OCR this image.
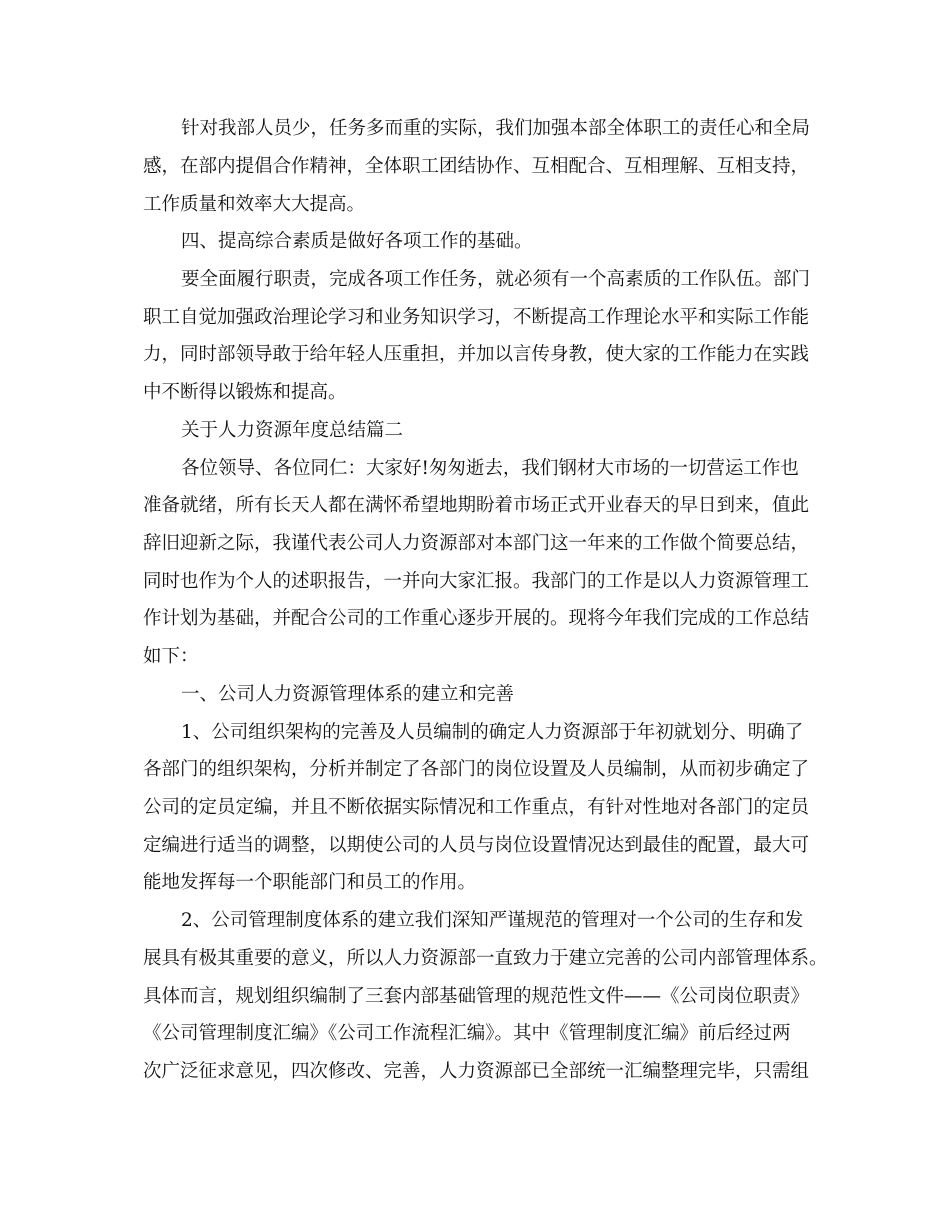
针对我部人员少，任务多而重的实际，我们加强本部全体职工的责任心和全局

感，在部内提倡合作精神，全体职工团结协作、互相配合、互相理解、互相支持，

工作质量和效率大大提高。

四、提高综合素质是做好各项工作的基础。

要全面履行职责，完成各项工作任务，就必须有一个高素质的工作队伍。部门

职工自觉加强政治理论学习和业务知识学习，不断提高工作理论水平和实际工作能

力，同时部领导敢于给年轻人压重担，并加以言传身教，使大家的工作能力在实践

中不断得以锻炼和提高。

关于人力资源年度总结篇二

各位领导、各位同仁：大家好!匆匆逝去，我们钢材大市场的一切营运工作也

准备就绪，所有长天人都在满怀希望地期盼着市场正式开业春天的早日到来，值此

辞旧迎新之际，我谨代表公司人力资源部对本部门这一年来的工作做个简要总结，

同时也作为个人的述职报告，一并向大家汇报。我部门的工作是以人力资源管理工

作计划为基础，并配合公司的工作重心逐步开展的。现将今年我们完成的工作总结

如下：

一、公司人力资源管理体系的建立和完善

1、公司组织架构的完善及人员编制的确定人力资源部于年初就划分、明确了

各部门的组织架构，分析并制定了各部门的岗位设置及人员编制，从而初步确定了

公司的定员定编，并且不断依据实际情况和工作重点，有针对性地对各部门的定员

定编进行适当的调整，以期使公司的人员与岗位设置情况达到最佳的配置，最大可

能地发挥每一个职能部门和员工的作用。

2、公司管理制度体系的建立我们深知严谨规范的管理对一个公司的生存和发

展具有极其重要的意义，所以人力资源部一直致力于建立完善的公司内部管理体系。

具体而言，规划组织编制了三套内部基础管理的规范性文件——《公司岗位职责》

《公司管理制度汇编》《公司工作流程汇编》。其中《管理制度汇编》前后经过两

次广泛征求意见，四次修改、完善，人力资源部已全部统一汇编整理完毕，只需组
